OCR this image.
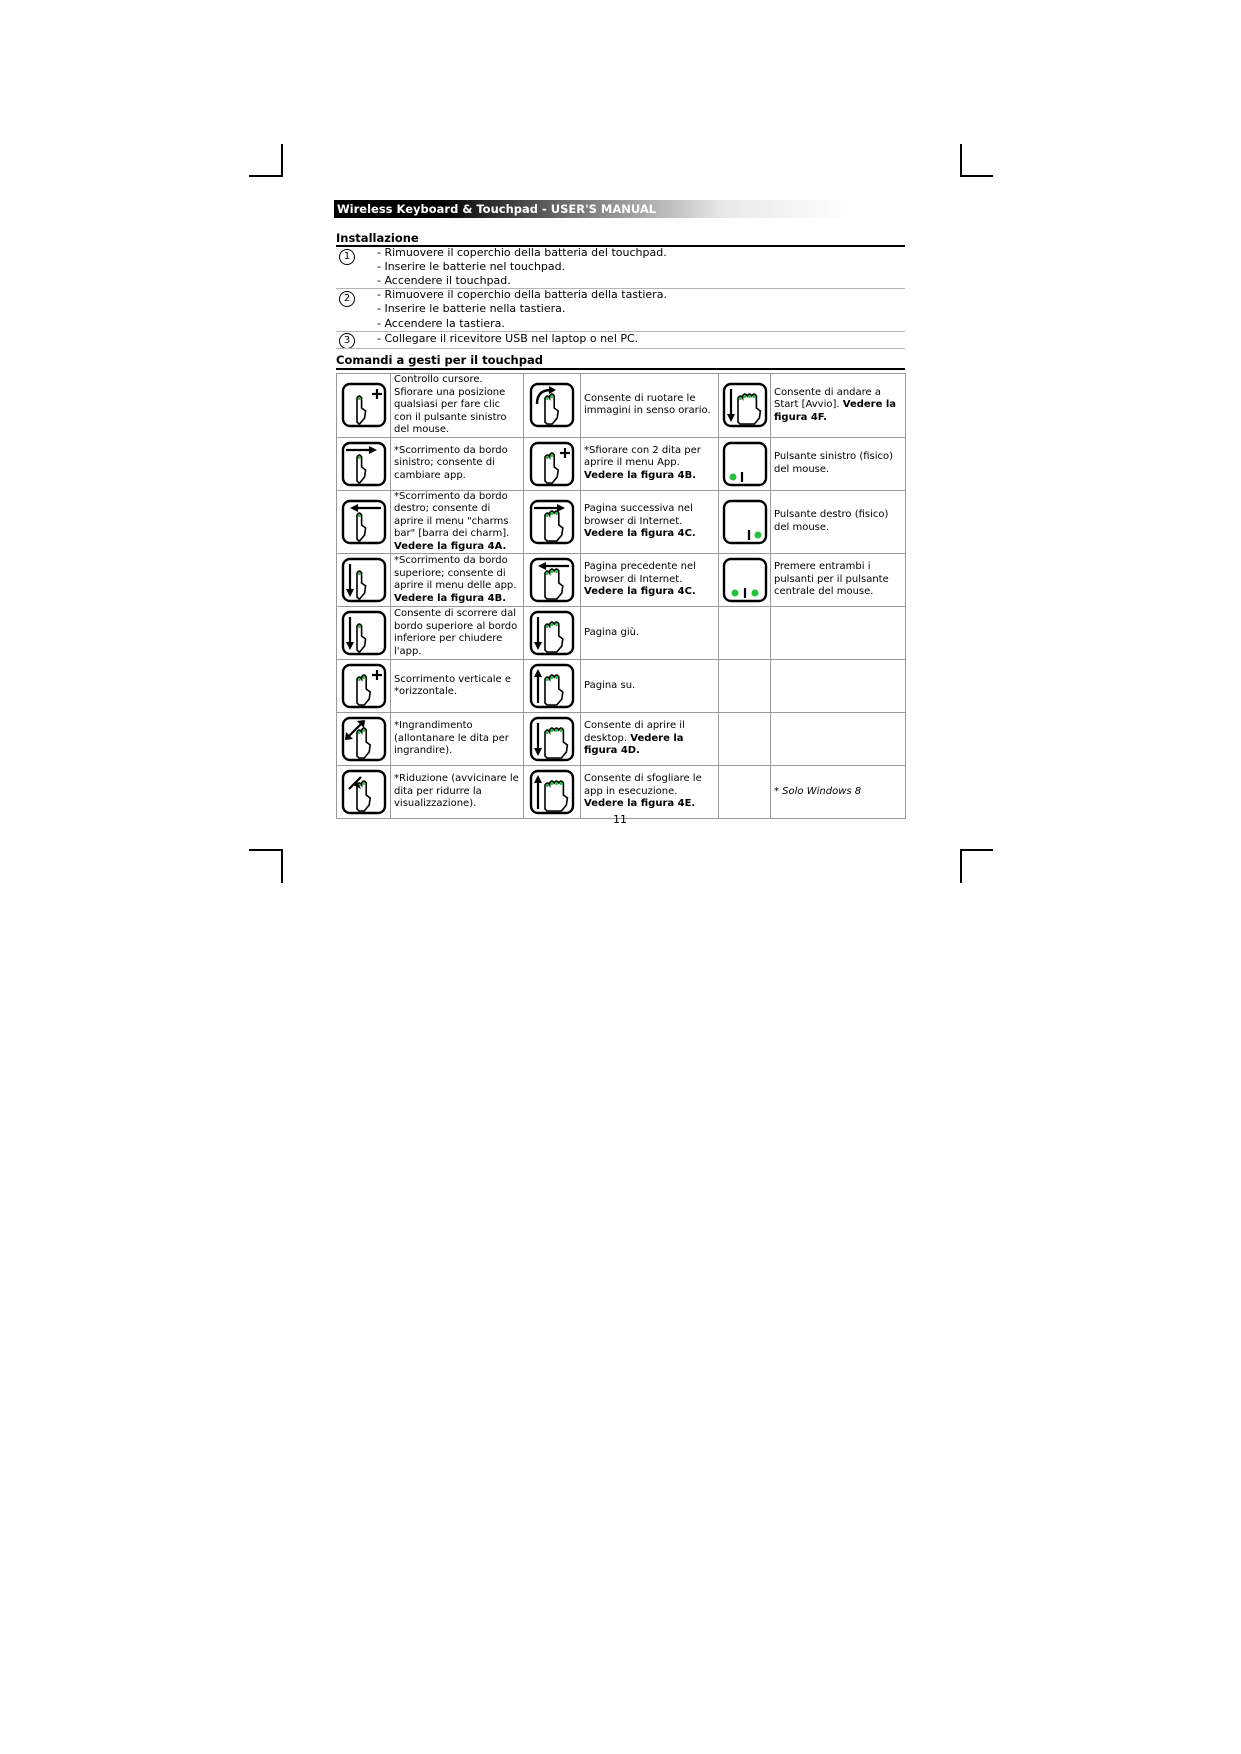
Wireless Keyboard & Touchpad - USER'S MANUAL
Installazione
1	- Rimuovere il coperchio della batteria del touchpad.
- Inserire le batterie nel touchpad.
- Accendere il touchpad.
2	- Rimuovere il coperchio della batteria della tastiera.
- Inserire le batterie nella tastiera.
- Accendere la tastiera.
3	- Collegare il ricevitore USB nel laptop o nel PC.
Comandi a gesti per il touchpad
	Controllo cursore. Sfiorare una posizione qualsiasi per fare clic con il pulsante sinistro del mouse.		Consente di ruotare le immagini in senso orario.		Consente di andare a Start [Avvio]. Vedere la figura 4F.

	*Scorrimento da bordo sinistro; consente di cambiare app.		*Sfiorare con 2 dita per aprire il menu App. Vedere la figura 4B.		Pulsante sinistro (fisico) del mouse.

	*Scorrimento da bordo destro; consente di aprire il menu "charms bar" [barra dei charm]. Vedere la figura 4A.		Pagina successiva nel browser di Internet. Vedere la figura 4C.		Pulsante destro (fisico) del mouse.

	*Scorrimento da bordo superiore; consente di aprire il menu delle app. Vedere la figura 4B.		Pagina precedente nel browser di Internet. Vedere la figura 4C.		Premere entrambi i pulsanti per il pulsante centrale del mouse.

	Consente di scorrere dal bordo superiore al bordo inferiore per chiudere l'app.		Pagina giù.		

	Scorrimento verticale e *orizzontale.		Pagina su.		

	*Ingrandimento (allontanare le dita per ingrandire).		Consente di aprire il desktop. Vedere la figura 4D.		

	*Riduzione (avvicinare le dita per ridurre la visualizzazione).		Consente di sfogliare le app in esecuzione. Vedere la figura 4E.		* Solo Windows 8
11
